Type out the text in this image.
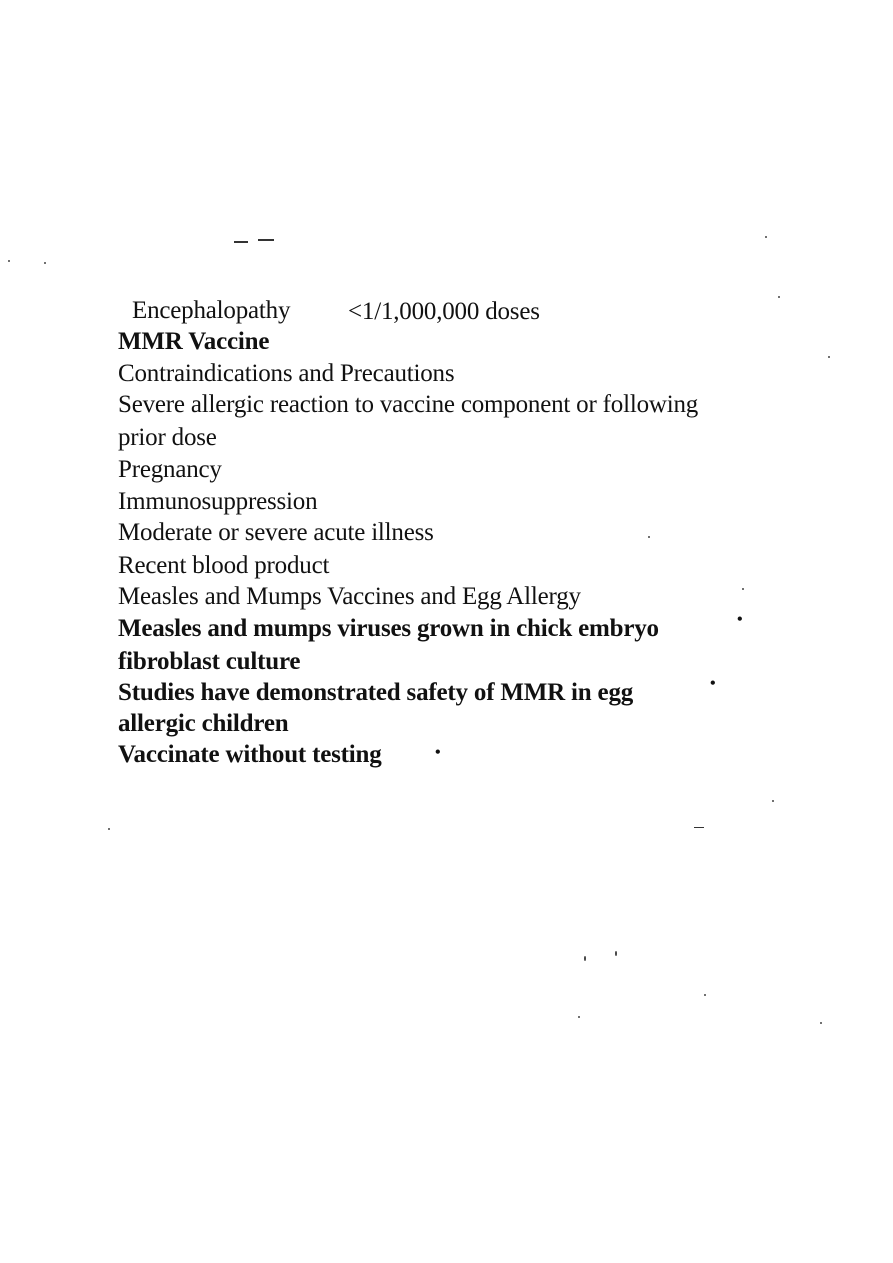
Encephalopathy <1/1,000,000 doses
MMR Vaccine
Contraindications and Precautions
Severe allergic reaction to vaccine component or following
prior dose
Pregnancy
Immunosuppression
Moderate or severe acute illness
Recent blood product
Measles and Mumps Vaccines and Egg Allergy
Measles and mumps viruses grown in chick embryo	•
fibroblast culture
Studies have demonstrated safety of MMR in egg	•
allergic children
Vaccinate without testing	•
